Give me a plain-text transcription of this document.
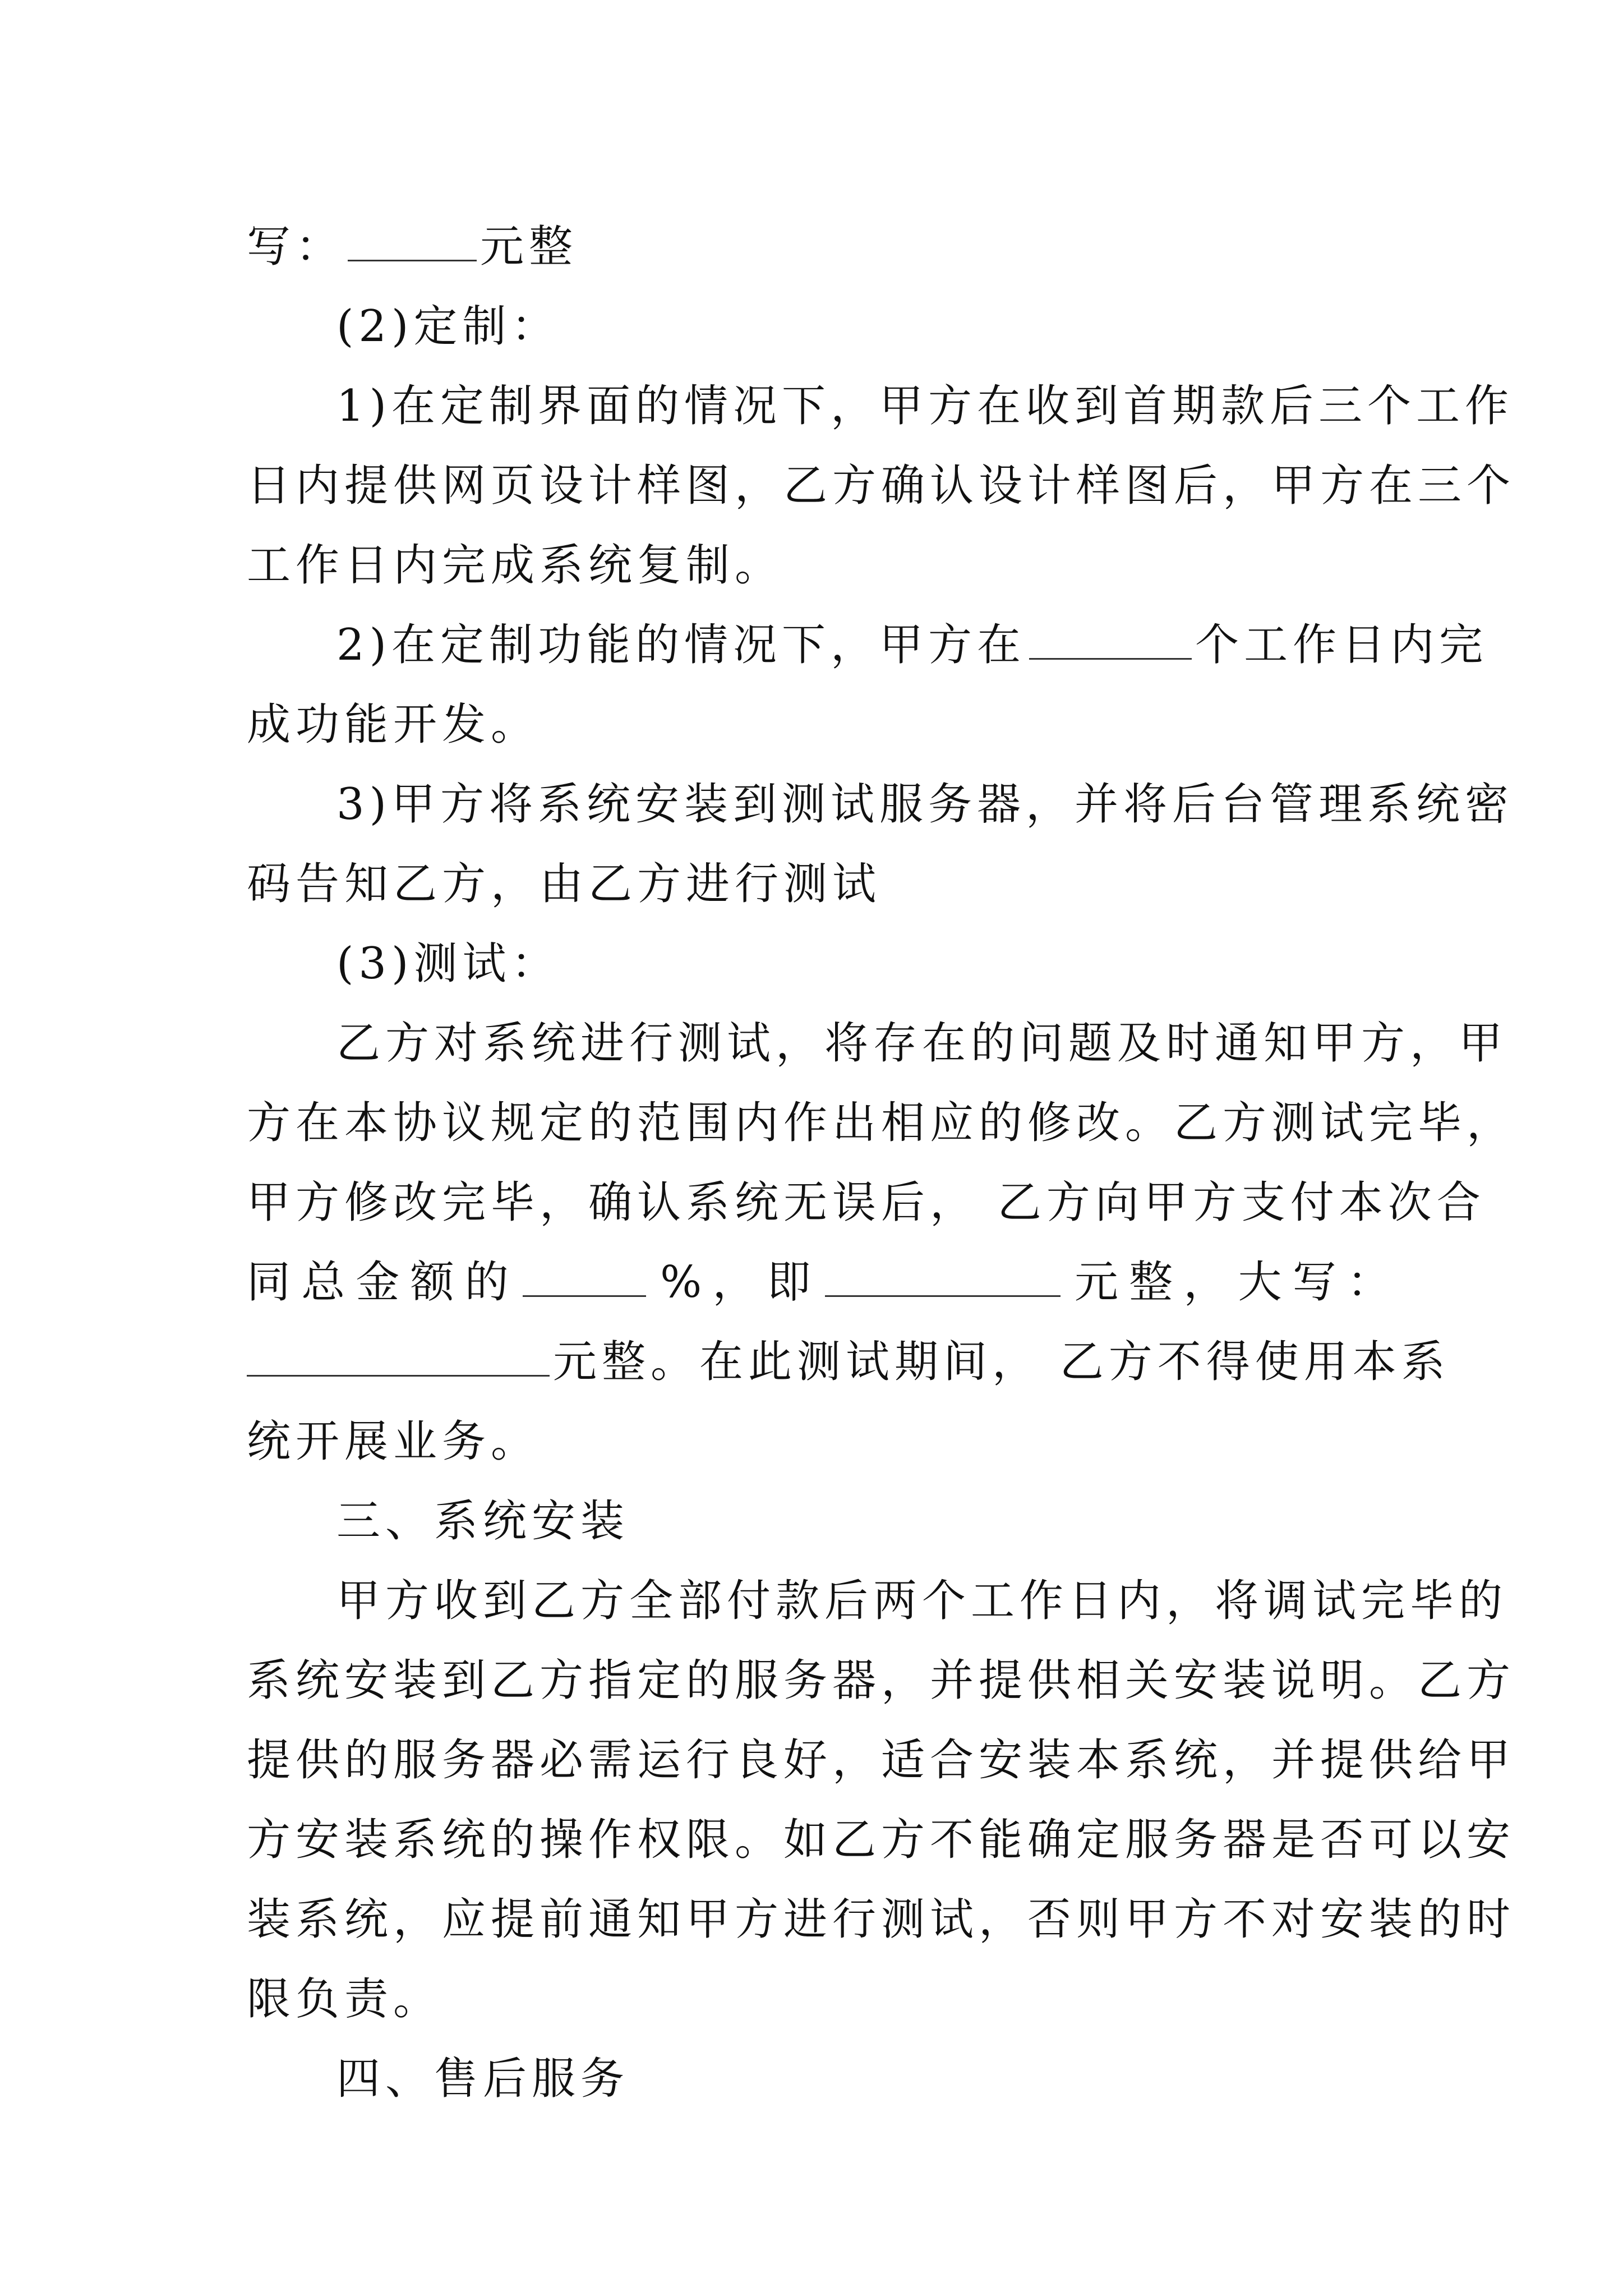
写：	元整
(2)定制：
1)在定制界面的情况下，甲方在收到首期款后三个工作
日内提供网页设计样图，乙方确认设计样图后，甲方在三个
工作日内完成系统复制。
2)在定制功能的情况下，甲方在	个工作日内完
成功能开发。
3)甲方将系统安装到测试服务器，并将后台管理系统密
码告知乙方，由乙方进行测试
(3)测试：
乙方对系统进行测试，将存在的问题及时通知甲方，甲
方在本协议规定的范围内作出相应的修改。乙方测试完毕，
甲方修改完毕，确认系统无误后， 乙方向甲方支付本次合
同 总 金 额 的	% ， 即	元 整 ， 大 写 ：
元整。在此测试期间， 乙方不得使用本系
统开展业务。
三、系统安装
甲方收到乙方全部付款后两个工作日内，将调试完毕的
系统安装到乙方指定的服务器，并提供相关安装说明。乙方
提供的服务器必需运行良好，适合安装本系统，并提供给甲
方安装系统的操作权限。如乙方不能确定服务器是否可以安
装系统，应提前通知甲方进行测试，否则甲方不对安装的时
限负责。
四、售后服务
